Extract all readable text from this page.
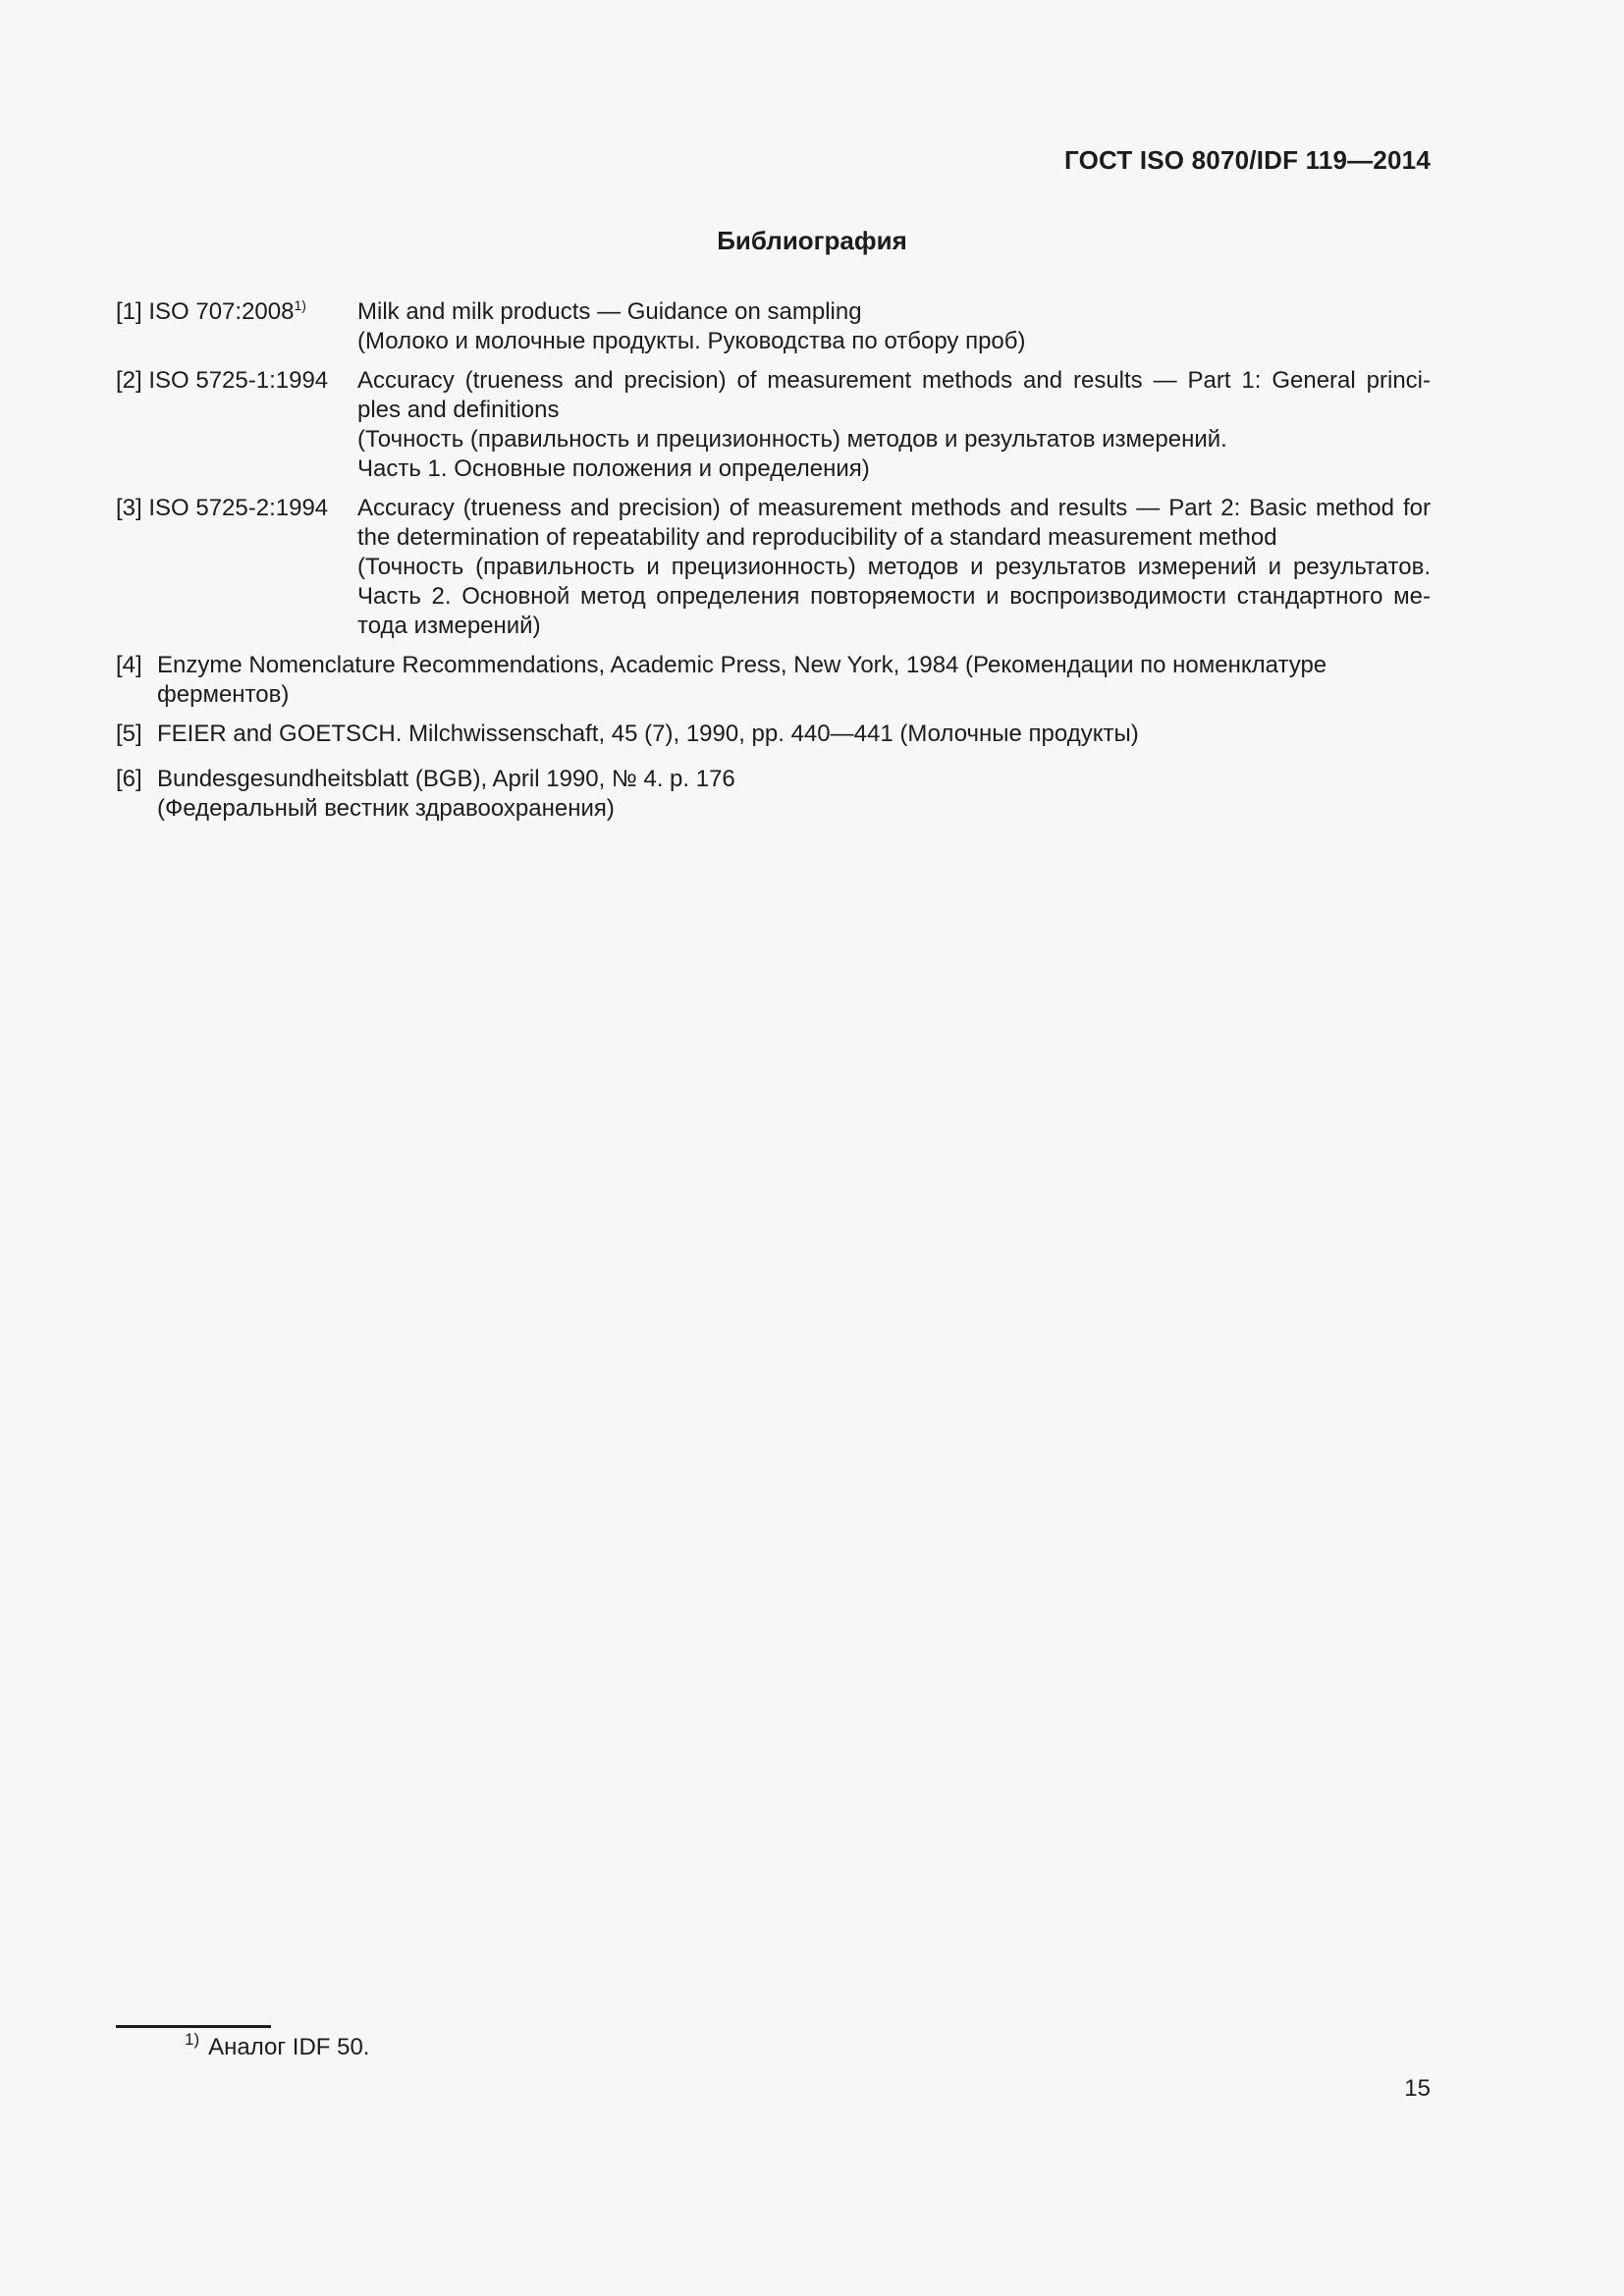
ГОСТ ISO 8070/IDF 119—2014
Библиография
[1] ISO 707:2008$^{1)}$	Milk and milk products — Guidance on sampling
(Молоко и молочные продукты. Руководства по отбору проб)
[2] ISO 5725-1:1994	Accuracy (trueness and precision) of measurement methods and results — Part 1: General princi-
ples and definitions
(Точность (правильность и прецизионность) методов и результатов измерений.
Часть 1. Основные положения и определения)
[3] ISO 5725-2:1994	Accuracy (trueness and precision) of measurement methods and results — Part 2: Basic method for
the determination of repeatability and reproducibility of a standard measurement method
(Точность (правильность и прецизионность) методов и результатов измерений и результатов.
Часть 2. Основной метод определения повторяемости и воспроизводимости стандартного ме-
тода измерений)
[4] Enzyme Nomenclature Recommendations, Academic Press, New York, 1984 (Рекомендации по номенклатуре
ферментов)
[5] FEIER and GOETSCH. Milchwissenschaft, 45 (7), 1990, pp. 440—441 (Молочные продукты)
[6] Bundesgesundheitsblatt (BGB), April 1990, № 4. p. 176
(Федеральный вестник здравоохранения)
$^{1)}$ Аналог IDF 50.
15
